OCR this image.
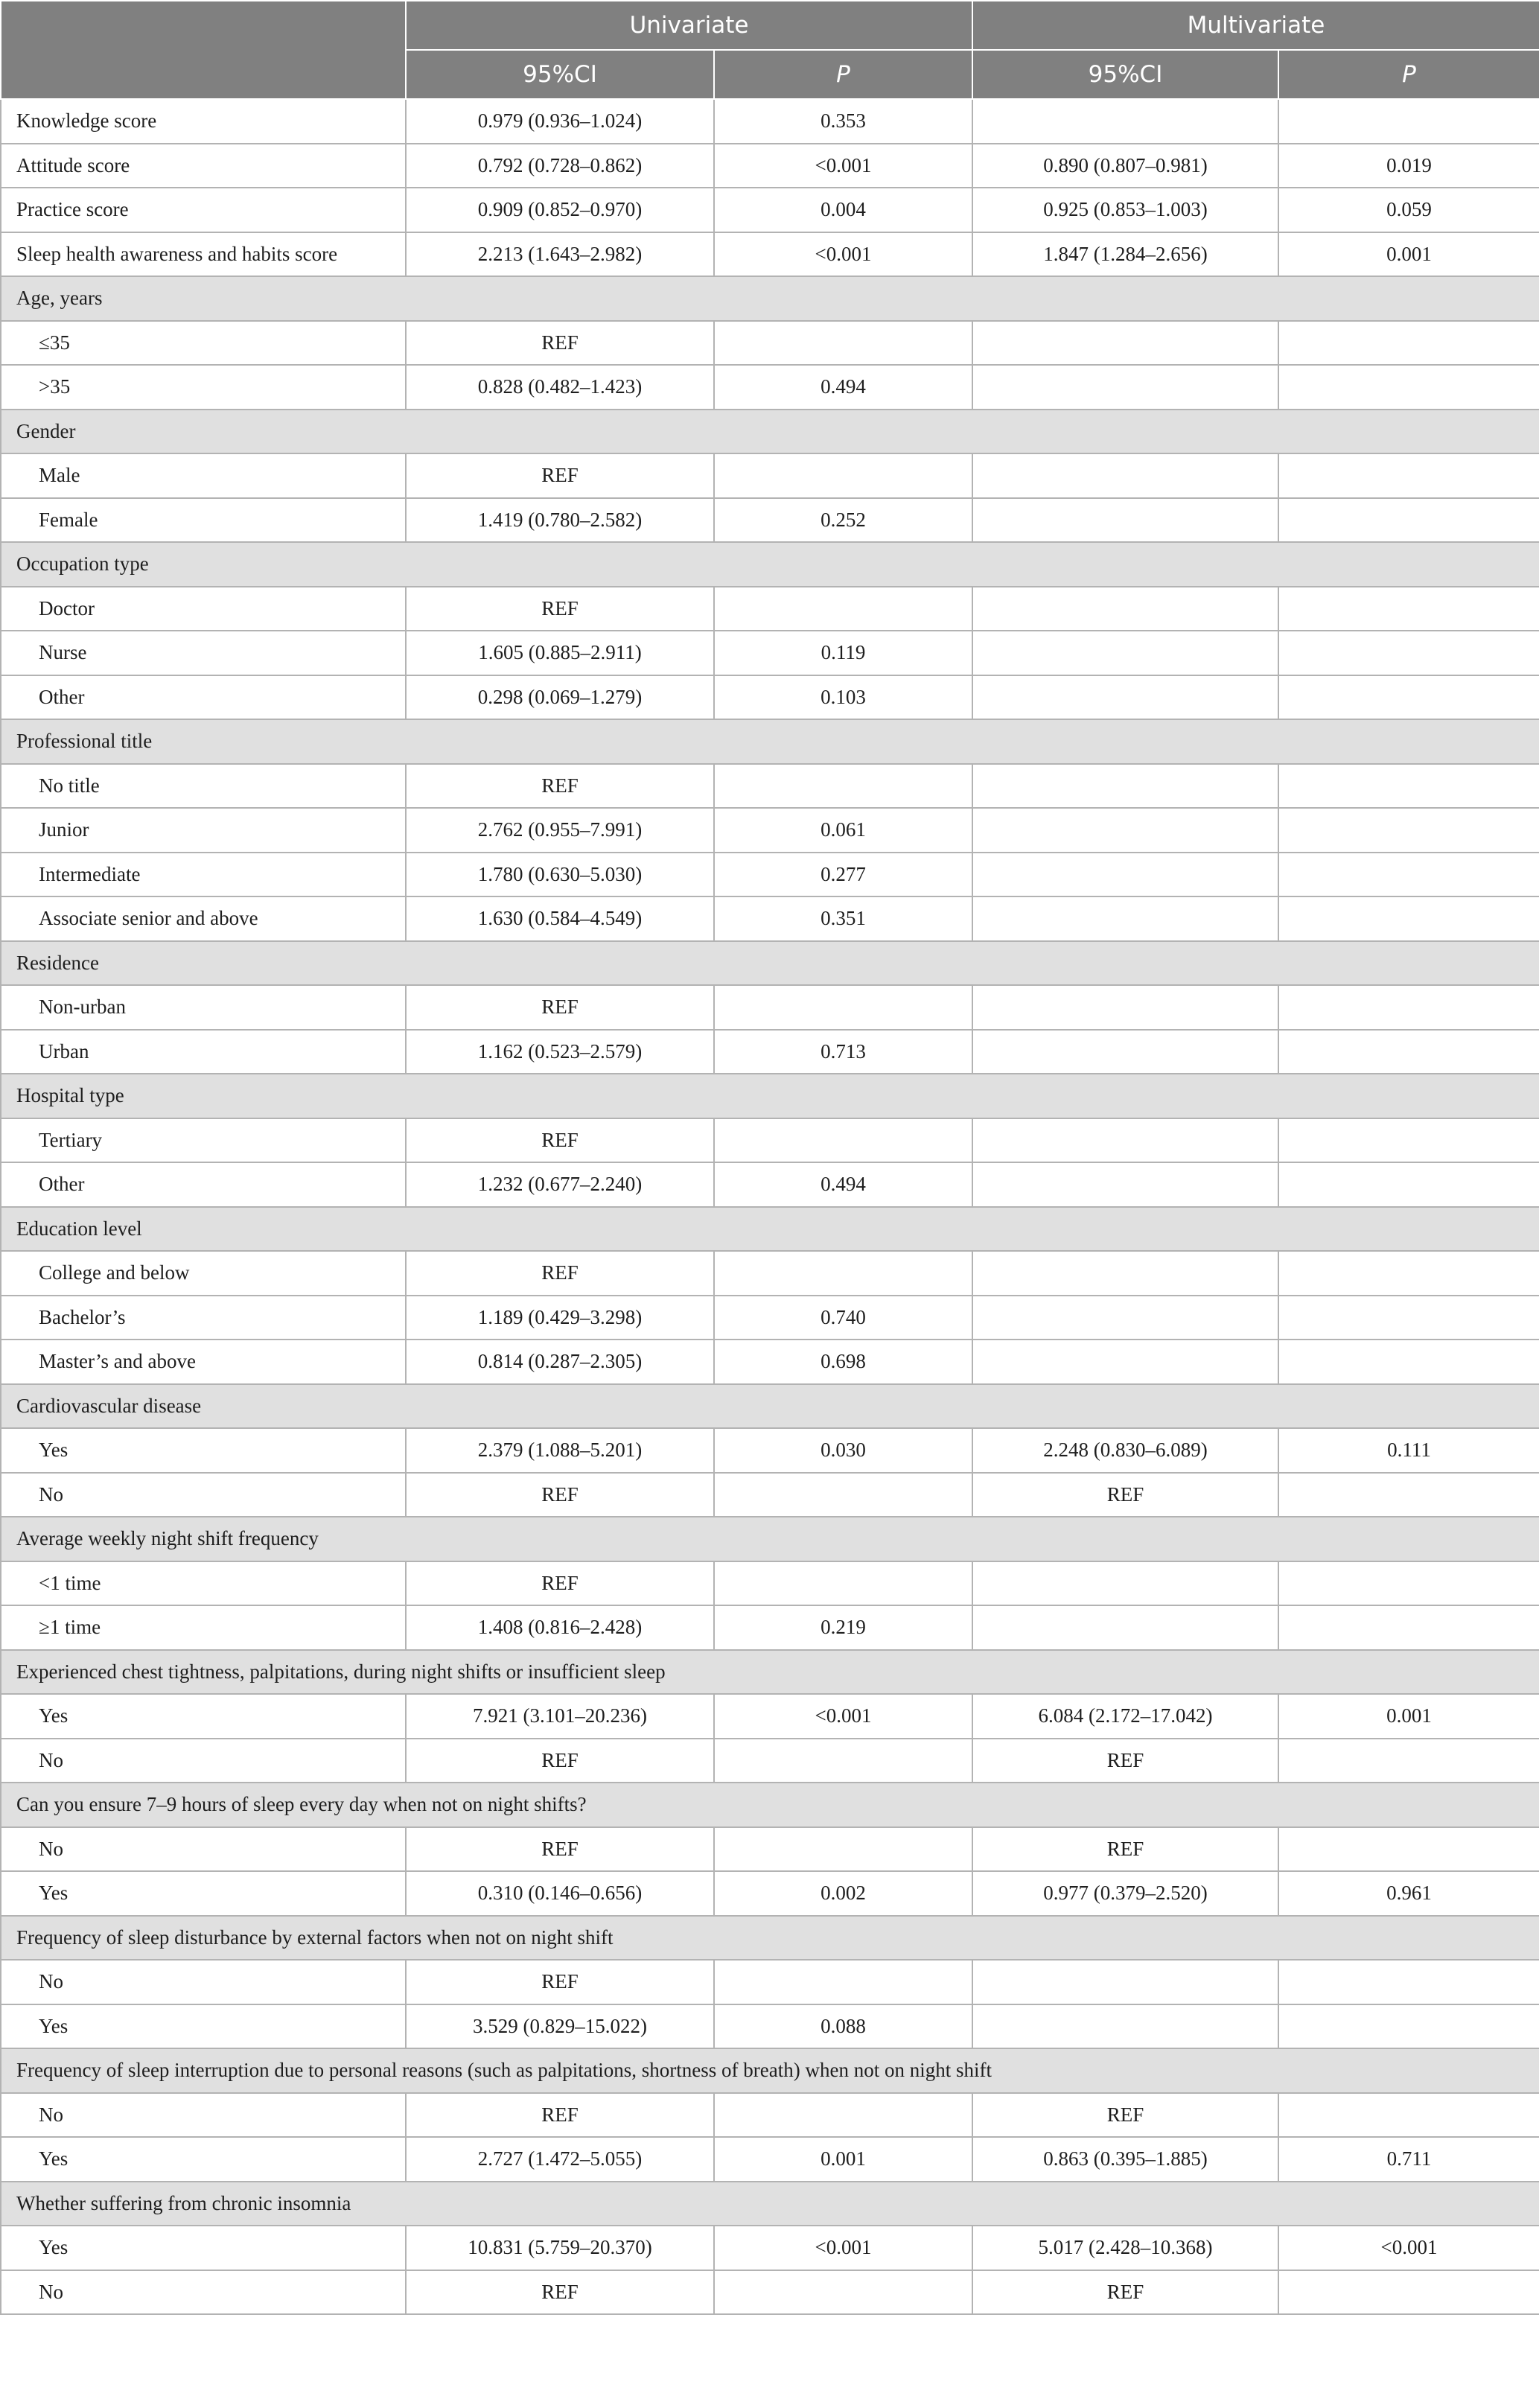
	Univariate		Multivariate	
	95%CI	P	95%CI	P
Knowledge score	0.979 (0.936–1.024)	0.353		
Attitude score	0.792 (0.728–0.862)	<0.001	0.890 (0.807–0.981)	0.019
Practice score	0.909 (0.852–0.970)	0.004	0.925 (0.853–1.003)	0.059
Sleep health awareness and habits score	2.213 (1.643–2.982)	<0.001	1.847 (1.284–2.656)	0.001
Age, years				
≤35	REF			
>35	0.828 (0.482–1.423)	0.494		
Gender				
Male	REF			
Female	1.419 (0.780–2.582)	0.252		
Occupation type				
Doctor	REF			
Nurse	1.605 (0.885–2.911)	0.119		
Other	0.298 (0.069–1.279)	0.103		
Professional title				
No title	REF			
Junior	2.762 (0.955–7.991)	0.061		
Intermediate	1.780 (0.630–5.030)	0.277		
Associate senior and above	1.630 (0.584–4.549)	0.351		
Residence				
Non-urban	REF			
Urban	1.162 (0.523–2.579)	0.713		
Hospital type				
Tertiary	REF			
Other	1.232 (0.677–2.240)	0.494		
Education level				
College and below	REF			
Bachelor’s	1.189 (0.429–3.298)	0.740		
Master’s and above	0.814 (0.287–2.305)	0.698		
Cardiovascular disease				
Yes	2.379 (1.088–5.201)	0.030	2.248 (0.830–6.089)	0.111
No	REF		REF	
Average weekly night shift frequency				
<1 time	REF			
≥1 time	1.408 (0.816–2.428)	0.219		
Experienced chest tightness, palpitations, during night shifts or insufficient sleep				
Yes	7.921 (3.101–20.236)	<0.001	6.084 (2.172–17.042)	0.001
No	REF		REF	
Can you ensure 7–9 hours of sleep every day when not on night shifts?				
No	REF		REF	
Yes	0.310 (0.146–0.656)	0.002	0.977 (0.379–2.520)	0.961
Frequency of sleep disturbance by external factors when not on night shift				
No	REF			
Yes	3.529 (0.829–15.022)	0.088		
Frequency of sleep interruption due to personal reasons (such as palpitations, shortness of breath) when not on night shift				
No	REF		REF	
Yes	2.727 (1.472–5.055)	0.001	0.863 (0.395–1.885)	0.711
Whether suffering from chronic insomnia				
Yes	10.831 (5.759–20.370)	<0.001	5.017 (2.428–10.368)	<0.001
No	REF		REF	
